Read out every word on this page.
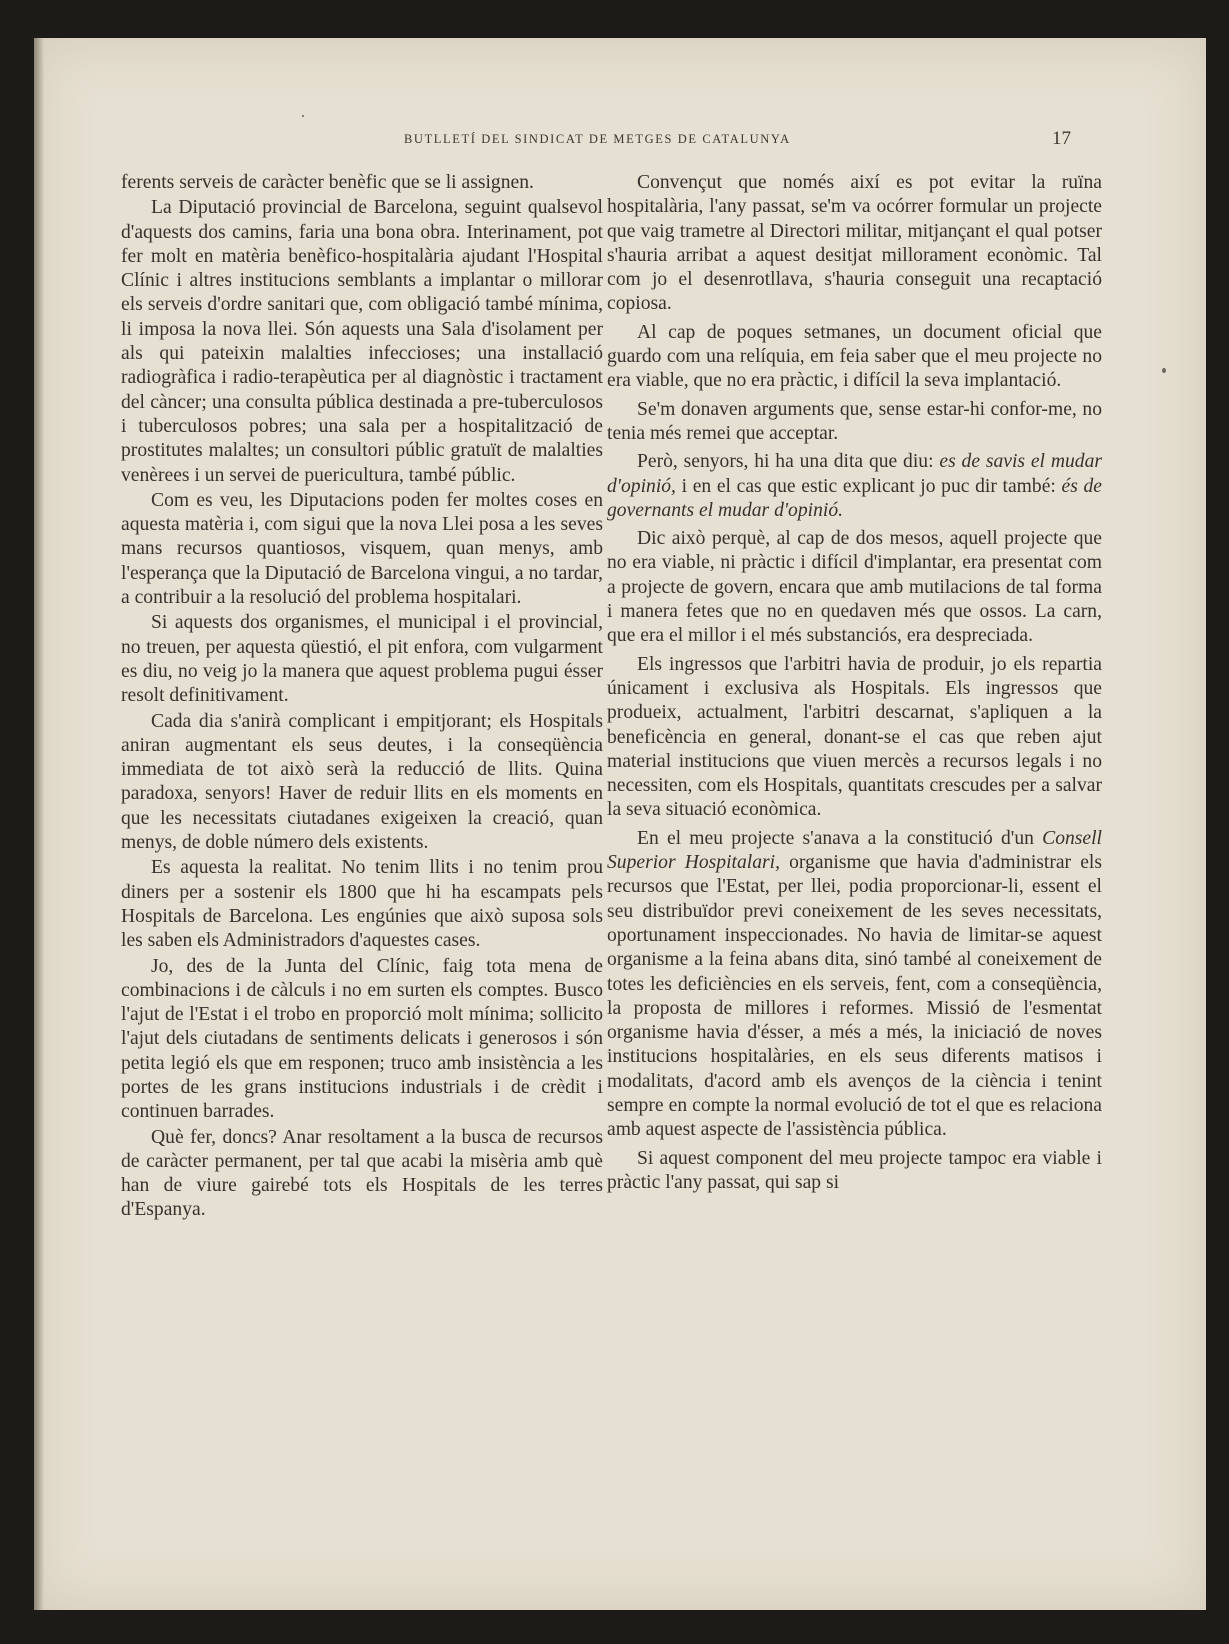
BUTLLETÍ DEL SINDICAT DE METGES DE CATALUNYA	17

ferents serveis de caràcter benèfic que se li assignen.

La Diputació provincial de Barcelona, seguint qualsevol d'aquests dos camins, faria una bona obra. Interinament, pot fer molt en matèria benèfico-hospitalària ajudant l'Hospital Clínic i altres institucions semblants a implantar o millorar els serveis d'ordre sanitari que, com obligació també mínima, li imposa la nova llei. Són aquests una Sala d'isolament per als qui pateixin malalties infeccioses; una installació radiogràfica i radio-terapèutica per al diagnòstic i tractament del càncer; una consulta pública destinada a pre-tuberculosos i tuberculosos pobres; una sala per a hospitalització de prostitutes malaltes; un consultori públic gratuït de malalties venèrees i un servei de puericultura, també públic.

Com es veu, les Diputacions poden fer moltes coses en aquesta matèria i, com sigui que la nova Llei posa a les seves mans recursos quantiosos, visquem, quan menys, amb l'esperança que la Diputació de Barcelona vingui, a no tardar, a contribuir a la resolució del problema hospitalari.

Si aquests dos organismes, el municipal i el provincial, no treuen, per aquesta qüestió, el pit enfora, com vulgarment es diu, no veig jo la manera que aquest problema pugui ésser resolt definitivament.

Cada dia s'anirà complicant i empitjorant; els Hospitals aniran augmentant els seus deutes, i la conseqüència immediata de tot això serà la reducció de llits. Quina paradoxa, senyors! Haver de reduir llits en els moments en que les necessitats ciutadanes exigeixen la creació, quan menys, de doble número dels existents.

Es aquesta la realitat. No tenim llits i no tenim prou diners per a sostenir els 1800 que hi ha escampats pels Hospitals de Barcelona. Les engúnies que això suposa sols les saben els Administradors d'aquestes cases.

Jo, des de la Junta del Clínic, faig tota mena de combinacions i de càlculs i no em surten els comptes. Busco l'ajut de l'Estat i el trobo en proporció molt mínima; sollicito l'ajut dels ciutadans de sentiments delicats i generosos i són petita legió els que em responen; truco amb insistència a les portes de les grans institucions industrials i de crèdit i continuen barrades.

Què fer, doncs? Anar resoltament a la busca de recursos de caràcter permanent, per tal que acabi la misèria amb què han de viure gairebé tots els Hospitals de les terres d'Espanya.

Convençut que només així es pot evitar la ruïna hospitalària, l'any passat, se'm va ocórrer formular un projecte que vaig trametre al Directori militar, mitjançant el qual potser s'hauria arribat a aquest desitjat millorament econòmic. Tal com jo el desenrotllava, s'hauria conseguit una recaptació copiosa.

Al cap de poques setmanes, un document oficial que guardo com una relíquia, em feia saber que el meu projecte no era viable, que no era pràctic, i difícil la seva implantació.

Se'm donaven arguments que, sense estar-hi confor-me, no tenia més remei que acceptar.

Però, senyors, hi ha una dita que diu: es de savis el mudar d'opinió, i en el cas que estic explicant jo puc dir també: és de governants el mudar d'opinió.

Dic això perquè, al cap de dos mesos, aquell projecte que no era viable, ni pràctic i difícil d'implantar, era presentat com a projecte de govern, encara que amb mutilacions de tal forma i manera fetes que no en quedaven més que ossos. La carn, que era el millor i el més substanciós, era despreciada.

Els ingressos que l'arbitri havia de produir, jo els repartia únicament i exclusiva als Hospitals. Els ingressos que produeix, actualment, l'arbitri descarnat, s'apliquen a la beneficència en general, donant-se el cas que reben ajut material institucions que viuen mercès a recursos legals i no necessiten, com els Hospitals, quantitats crescudes per a salvar la seva situació econòmica.

En el meu projecte s'anava a la constitució d'un Consell Superior Hospitalari, organisme que havia d'administrar els recursos que l'Estat, per llei, podia proporcionar-li, essent el seu distribuïdor previ coneixement de les seves necessitats, oportunament inspeccionades. No havia de limitar-se aquest organisme a la feina abans dita, sinó també al coneixement de totes les deficiències en els serveis, fent, com a conseqüència, la proposta de millores i reformes. Missió de l'esmentat organisme havia d'ésser, a més a més, la iniciació de noves institucions hospitalàries, en els seus diferents matisos i modalitats, d'acord amb els avenços de la ciència i tenint sempre en compte la normal evolució de tot el que es relaciona amb aquest aspecte de l'assistència pública.

Si aquest component del meu projecte tampoc era viable i pràctic l'any passat, qui sap si
